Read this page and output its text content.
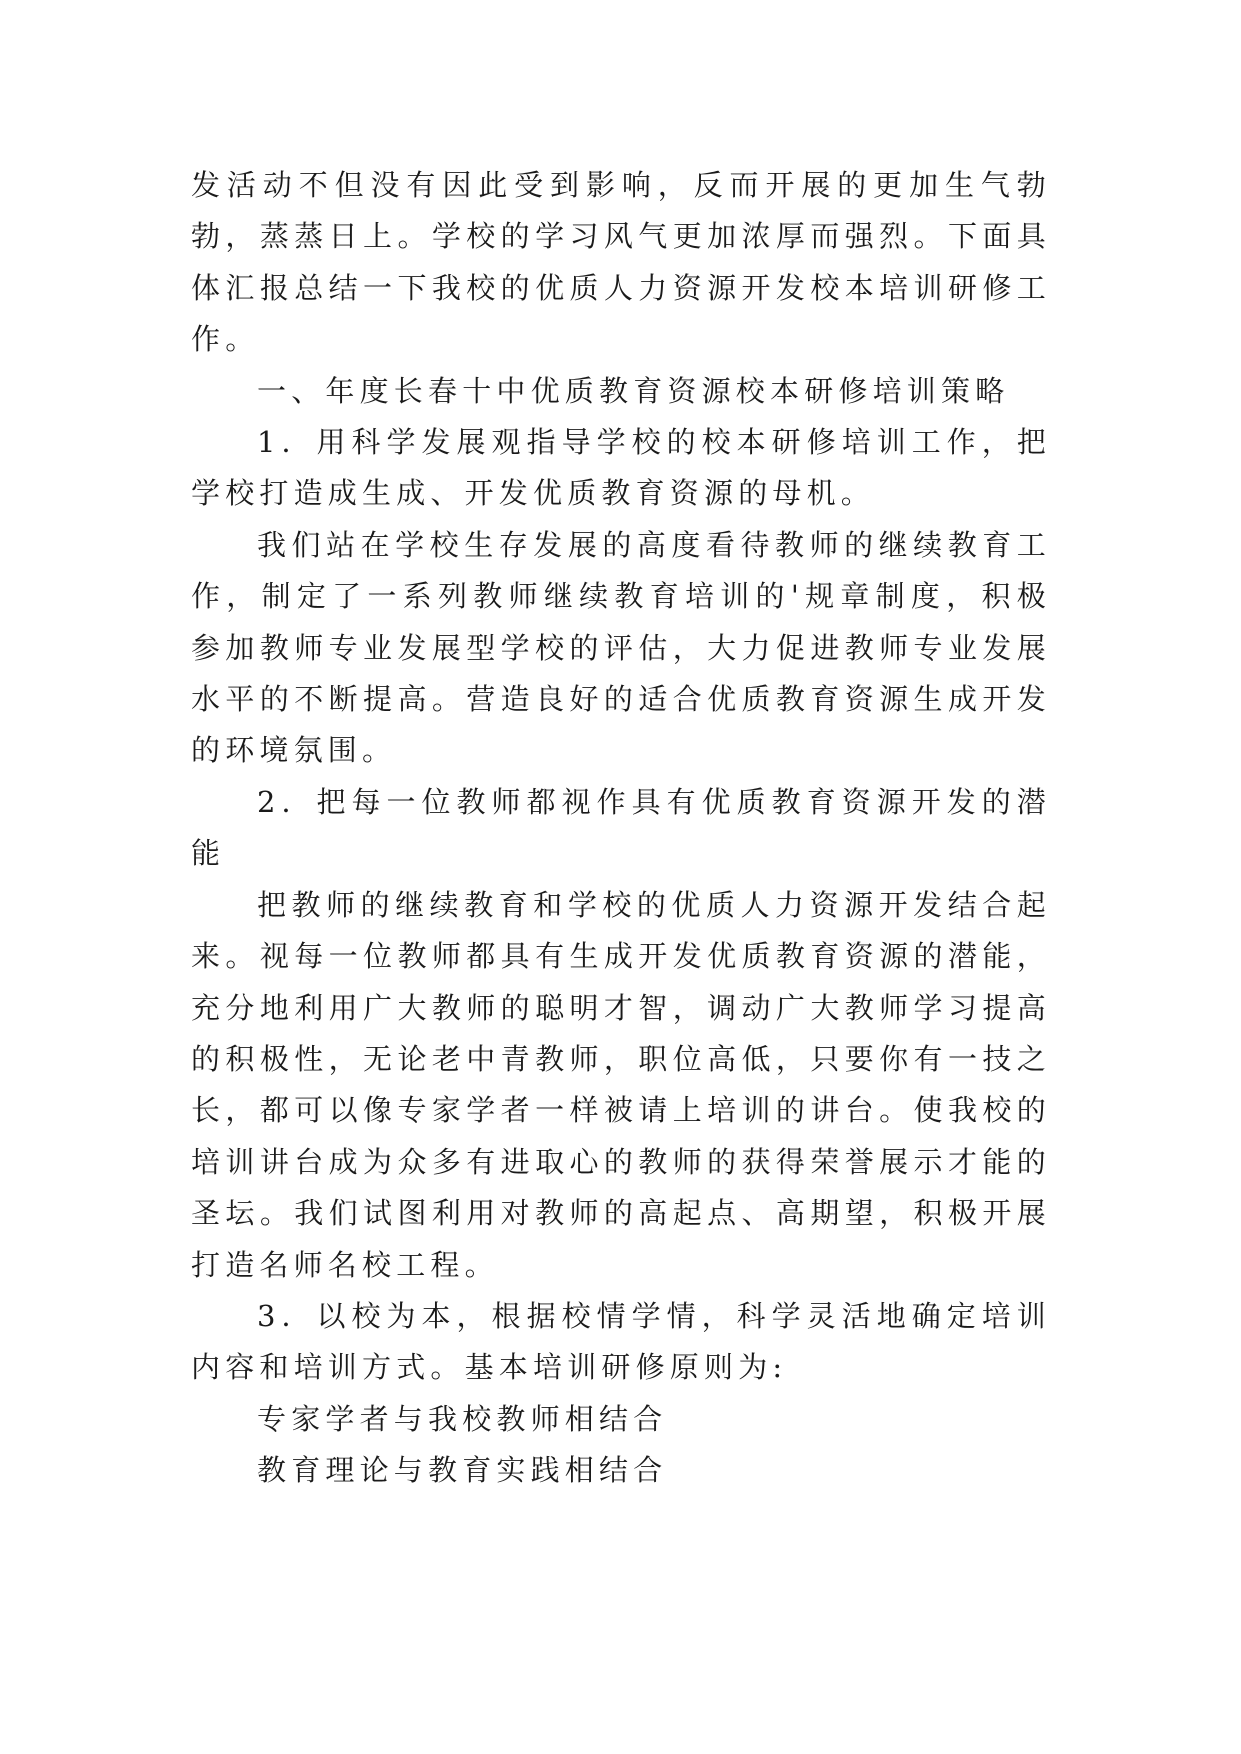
发活动不但没有因此受到影响，反而开展的更加生气勃勃，蒸蒸日上。学校的学习风气更加浓厚而强烈。下面具体汇报总结一下我校的优质人力资源开发校本培训研修工作。

一、年度长春十中优质教育资源校本研修培训策略

1．用科学发展观指导学校的校本研修培训工作，把学校打造成生成、开发优质教育资源的母机。

我们站在学校生存发展的高度看待教师的继续教育工作，制定了一系列教师继续教育培训的'规章制度，积极参加教师专业发展型学校的评估，大力促进教师专业发展水平的不断提高。营造良好的适合优质教育资源生成开发的环境氛围。

2．把每一位教师都视作具有优质教育资源开发的潜能

把教师的继续教育和学校的优质人力资源开发结合起来。视每一位教师都具有生成开发优质教育资源的潜能，充分地利用广大教师的聪明才智，调动广大教师学习提高的积极性，无论老中青教师，职位高低，只要你有一技之长，都可以像专家学者一样被请上培训的讲台。使我校的培训讲台成为众多有进取心的教师的获得荣誉展示才能的圣坛。我们试图利用对教师的高起点、高期望，积极开展打造名师名校工程。

3．以校为本，根据校情学情，科学灵活地确定培训内容和培训方式。基本培训研修原则为:

专家学者与我校教师相结合

教育理论与教育实践相结合
